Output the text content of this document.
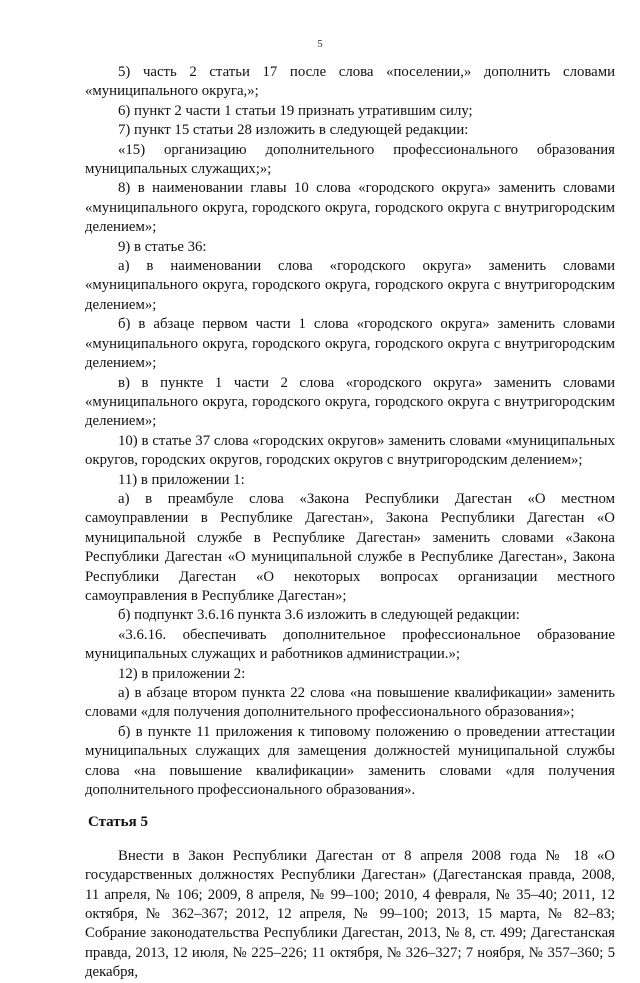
5

5) часть 2 статьи 17 после слова «поселении,» дополнить словами «муниципального округа,»;

6) пункт 2 части 1 статьи 19 признать утратившим силу;

7) пункт 15 статьи 28 изложить в следующей редакции:

«15) организацию дополнительного профессионального образования муниципальных служащих;»;

8) в наименовании главы 10 слова «городского округа» заменить словами «муниципального округа, городского округа, городского округа с внутригородским делением»;

9) в статье 36:

а) в наименовании слова «городского округа» заменить словами «муниципального округа, городского округа, городского округа с внутригородским делением»;

б) в абзаце первом части 1 слова «городского округа» заменить словами «муниципального округа, городского округа, городского округа с внутригородским делением»;

в) в пункте 1 части 2 слова «городского округа» заменить словами «муниципального округа, городского округа, городского округа с внутригородским делением»;

10) в статье 37 слова «городских округов» заменить словами «муниципальных округов, городских округов, городских округов с внутригородским делением»;

11) в приложении 1:

а) в преамбуле слова «Закона Республики Дагестан «О местном самоуправлении в Республике Дагестан», Закона Республики Дагестан «О муниципальной службе в Республике Дагестан» заменить словами «Закона Республики Дагестан «О муниципальной службе в Республике Дагестан», Закона Республики Дагестан «О некоторых вопросах организации местного самоуправления в Республике Дагестан»;

б) подпункт 3.6.16 пункта 3.6 изложить в следующей редакции:

«3.6.16. обеспечивать дополнительное профессиональное образование муниципальных служащих и работников администрации.»;

12) в приложении 2:

а) в абзаце втором пункта 22 слова «на повышение квалификации» заменить словами «для получения дополнительного профессионального образования»;

б) в пункте 11 приложения к типовому положению о проведении аттестации муниципальных служащих для замещения должностей муниципальной службы слова «на повышение квалификации» заменить словами «для получения дополнительного профессионального образования».

Статья 5

Внести в Закон Республики Дагестан от 8 апреля 2008 года № 18 «О государственных должностях Республики Дагестан» (Дагестанская правда, 2008, 11 апреля, № 106; 2009, 8 апреля, № 99–100; 2010, 4 февраля, № 35–40; 2011, 12 октября, № 362–367; 2012, 12 апреля, № 99–100; 2013, 15 марта, № 82–83; Собрание законодательства Республики Дагестан, 2013, № 8, ст. 499; Дагестанская правда, 2013, 12 июля, № 225–226; 11 октября, № 326–327; 7 ноября, № 357–360; 5 декабря,
